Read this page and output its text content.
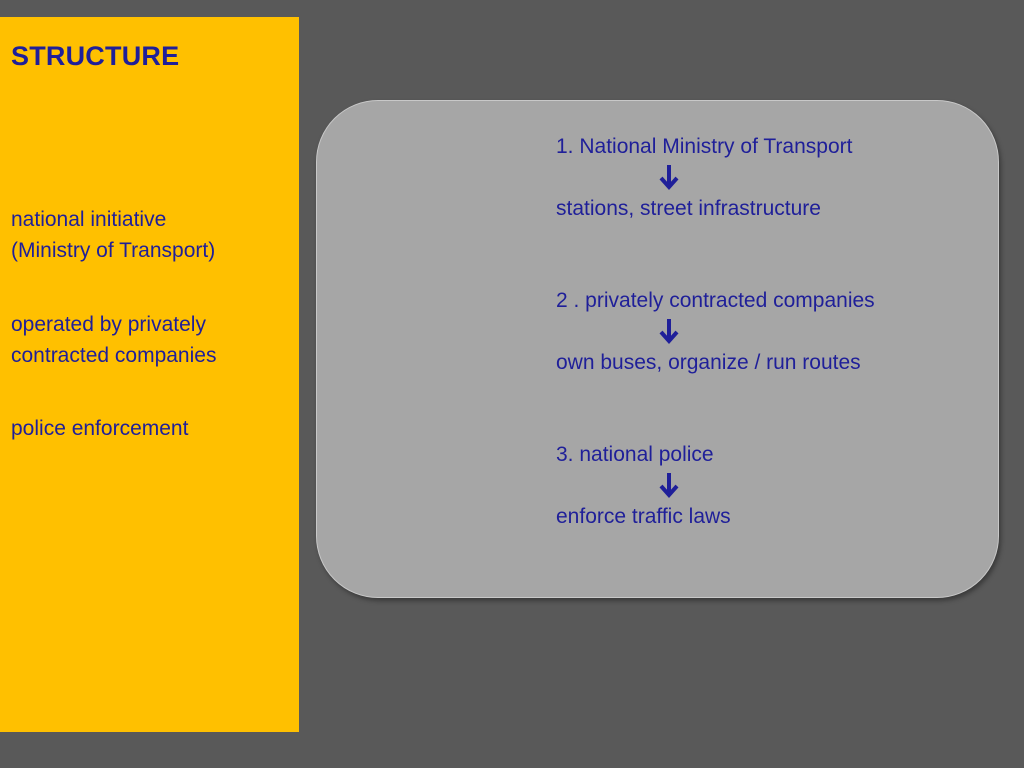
STRUCTURE

national initiative
(Ministry of Transport)

operated by privately
contracted companies

police enforcement

1. National Ministry of Transport

stations, street infrastructure

2 . privately contracted companies

own buses, organize / run routes

3. national police

enforce traffic laws
